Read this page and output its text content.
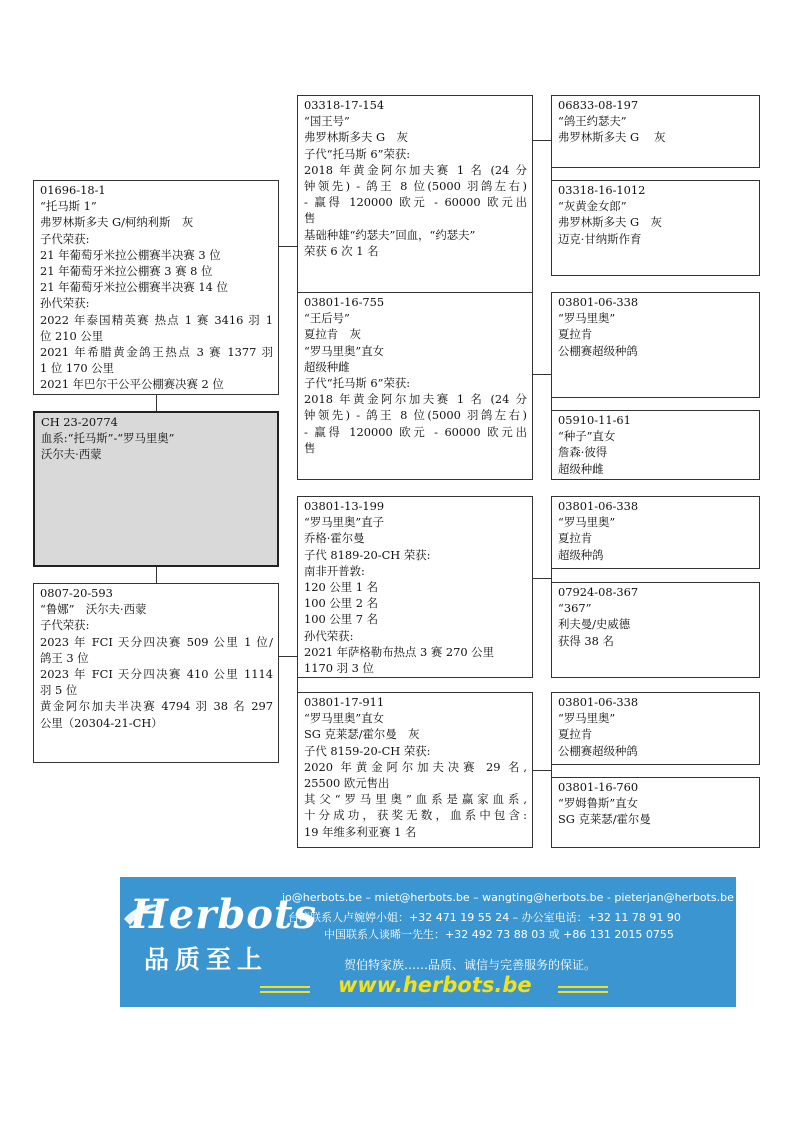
01696-18-1
“托马斯 1”
弗罗林斯多夫 G/柯纳利斯　灰
子代荣获:
21 年葡萄牙米拉公棚赛半决赛 3 位
21 年葡萄牙米拉公棚赛 3 赛 8 位
21 年葡萄牙米拉公棚赛半决赛 14 位
孙代荣获:
2022 年泰国精英赛 热点 1 赛 3416 羽 1
位 210 公里
2021 年希腊黄金鸽王热点 3 赛 1377 羽
1 位 170 公里
2021 年巴尔干公平公棚赛决赛 2 位
CH 23-20774
血系:“托马斯”-“罗马里奥”
沃尔夫·西蒙
0807-20-593
“鲁娜”　沃尔夫·西蒙
子代荣获:
2023 年 FCI 天分四决赛 509 公里 1 位/
鸽王 3 位
2023 年 FCI 天分四决赛 410 公里 1114
羽 5 位
黄金阿尔加夫半决赛 4794 羽 38 名 297
公里（20304-21-CH）
03318-17-154
“国王号”
弗罗林斯多夫 G　灰
子代“托马斯 6”荣获:
2018 年黄金阿尔加夫赛 1 名 (24 分
钟领先) - 鸽王 8 位(5000 羽鸽左右)
- 赢得 120000 欧元 - 60000 欧元出
售
基础种雄“约瑟夫”回血，“约瑟夫”
荣获 6 次 1 名
03801-16-755
“王后号”
夏拉肯　灰
“罗马里奥”直女
超级种雌
子代“托马斯 6”荣获:
2018 年黄金阿尔加夫赛 1 名 (24 分
钟领先) - 鸽王 8 位(5000 羽鸽左右)
- 赢得 120000 欧元 - 60000 欧元出
售
03801-13-199
“罗马里奥”直子
乔格·霍尔曼
子代 8189-20-CH 荣获:
南非开普敦:
120 公里 1 名
100 公里 2 名
100 公里 7 名
孙代荣获:
2021 年萨格勒布热点 3 赛 270 公里
1170 羽 3 位
03801-17-911
“罗马里奥”直女
SG 克莱瑟/霍尔曼　灰
子代 8159-20-CH 荣获:
2020 年黄金阿尔加夫决赛 29 名,
25500 欧元售出
其父“罗马里奥”血系是赢家血系,
十分成功，获奖无数，血系中包含:
19 年维多利亚赛 1 名
06833-08-197
“鸽王约瑟夫”
弗罗林斯多夫 G　 灰
03318-16-1012
“灰黄金女郎”
弗罗林斯多夫 G　灰
迈克·甘纳斯作育
03801-06-338
“罗马里奥”
夏拉肯
公棚赛超级种鸽
05910-11-61
“种子”直女
詹森·彼得
超级种雌
03801-06-338
“罗马里奥”
夏拉肯
超级种鸽
07924-08-367
“367”
利夫曼/史威德
获得 38 名
03801-06-338
“罗马里奥”
夏拉肯
公棚赛超级种鸽
03801-16-760
“罗姆鲁斯”直女
SG 克莱瑟/霍尔曼
Herbots
品质至上
jo@herbots.be – miet@herbots.be – wangting@herbots.be - pieterjan@herbots.be
台湾联系人卢婉婷小姐：+32 471 19 55 24 – 办公室电话：+32 11 78 91 90
中国联系人谈晞一先生：+32 492 73 88 03 或 +86 131 2015 0755
贺伯特家族……品质、诚信与完善服务的保证。
www.herbots.be
